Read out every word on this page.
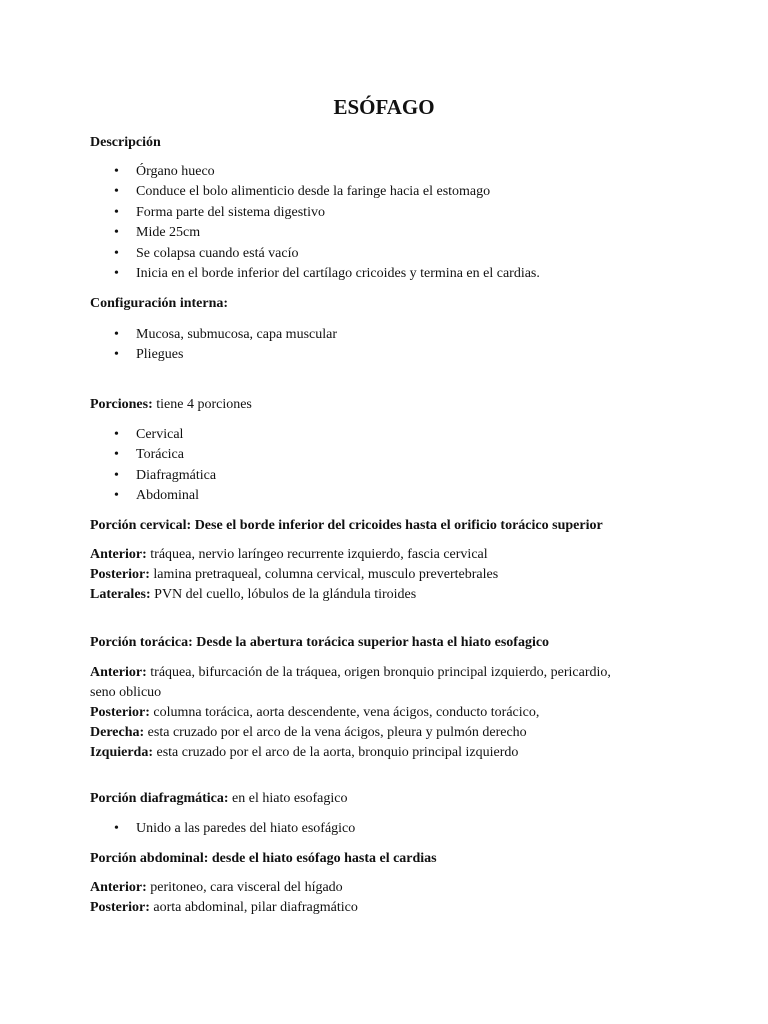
ESÓFAGO

Descripción

• Órgano hueco
• Conduce el bolo alimenticio desde la faringe hacia el estomago
• Forma parte del sistema digestivo
• Mide 25cm
• Se colapsa cuando está vacío
• Inicia en el borde inferior del cartílago cricoides y termina en el cardias.

Configuración interna:

• Mucosa, submucosa, capa muscular
• Pliegues

Porciones: tiene 4 porciones

• Cervical
• Torácica
• Diafragmática
• Abdominal

Porción cervical: Dese el borde inferior del cricoides hasta el orificio torácico superior

Anterior: tráquea, nervio laríngeo recurrente izquierdo, fascia cervical

Posterior: lamina pretraqueal, columna cervical, musculo prevertebrales

Laterales: PVN del cuello, lóbulos de la glándula tiroides

Porción torácica: Desde la abertura torácica superior hasta el hiato esofagico

Anterior: tráquea, bifurcación de la tráquea, origen bronquio principal izquierdo, pericardio,

seno oblicuo

Posterior: columna torácica, aorta descendente, vena ácigos, conducto torácico,

Derecha: esta cruzado por el arco de la vena ácigos, pleura y pulmón derecho

Izquierda: esta cruzado por el arco de la aorta, bronquio principal izquierdo

Porción diafragmática: en el hiato esofagico

• Unido a las paredes del hiato esofágico

Porción abdominal: desde el hiato esófago hasta el cardias

Anterior: peritoneo, cara visceral del hígado

Posterior: aorta abdominal, pilar diafragmático
